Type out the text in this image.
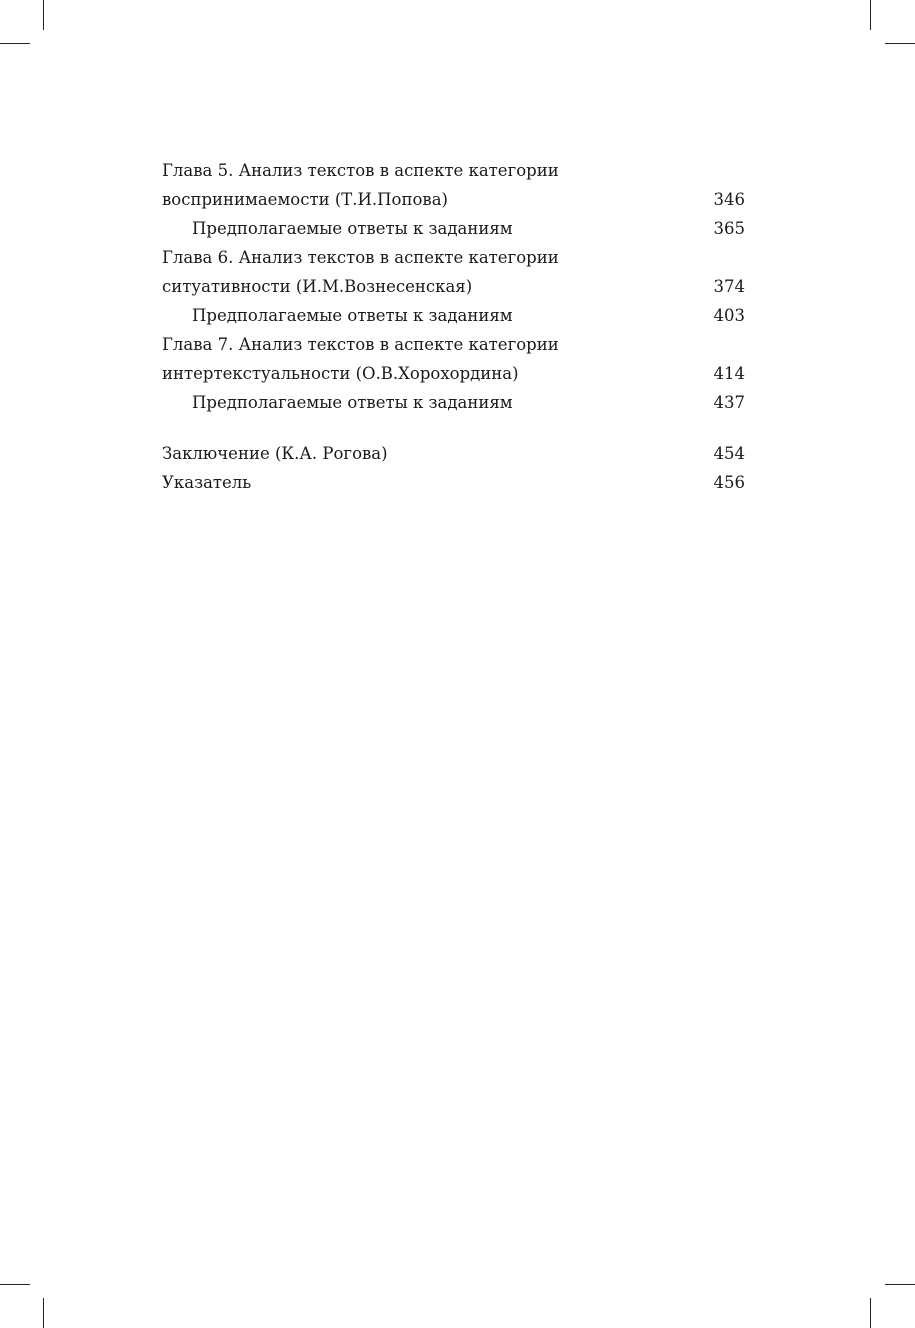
Глава 5. Анализ текстов в аспекте категории
воспринимаемости (Т.И.Попова)	346
Предполагаемые ответы к заданиям	365
Глава 6. Анализ текстов в аспекте категории
ситуативности (И.М.Вознесенская)	374
Предполагаемые ответы к заданиям	403
Глава 7. Анализ текстов в аспекте категории
интертекстуальности (О.В.Хорохордина)	414
Предполагаемые ответы к заданиям	437
Заключение (К.А. Рогова)	454
Указатель	456
